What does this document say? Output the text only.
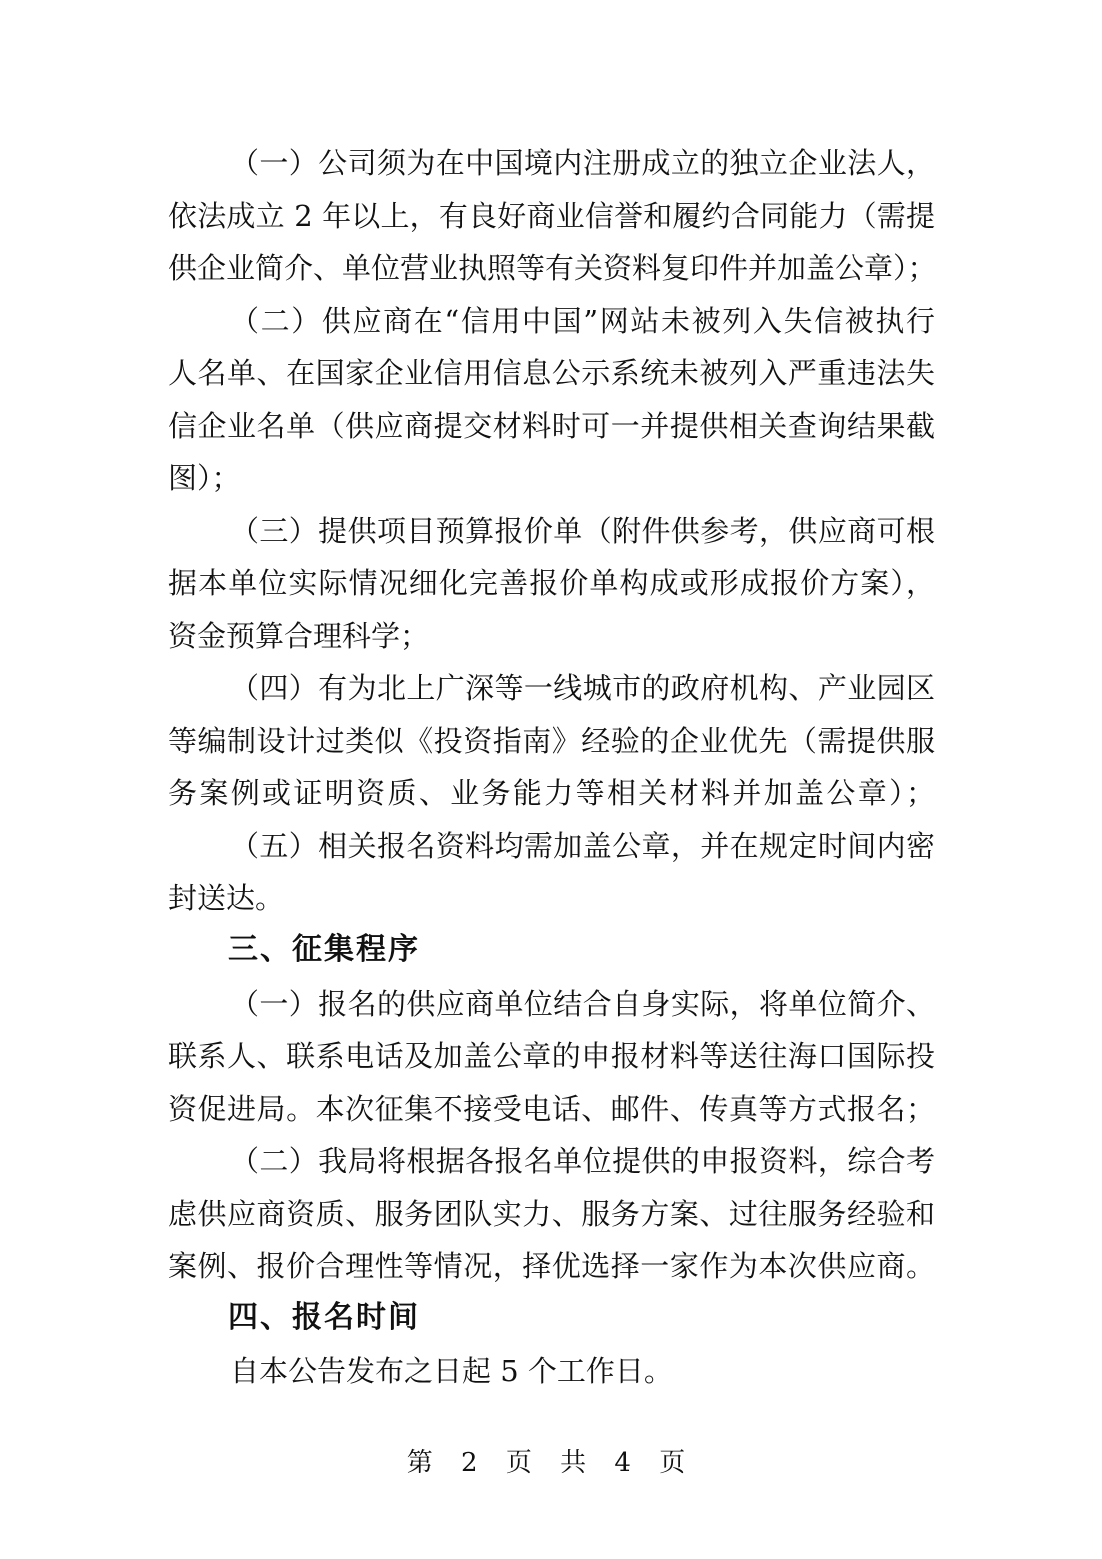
（一）公司须为在中国境内注册成立的独立企业法人，
依法成立 2 年以上，有良好商业信誉和履约合同能力（需提
供企业简介、单位营业执照等有关资料复印件并加盖公章）；
（二）供应商在“信用中国”网站未被列入失信被执行
人名单、在国家企业信用信息公示系统未被列入严重违法失
信企业名单（供应商提交材料时可一并提供相关查询结果截
图）；
（三）提供项目预算报价单（附件供参考，供应商可根
据本单位实际情况细化完善报价单构成或形成报价方案），
资金预算合理科学；
（四）有为北上广深等一线城市的政府机构、产业园区
等编制设计过类似《投资指南》经验的企业优先（需提供服
务案例或证明资质、业务能力等相关材料并加盖公章）；
（五）相关报名资料均需加盖公章，并在规定时间内密
封送达。
（一）报名的供应商单位结合自身实际，将单位简介、
联系人、联系电话及加盖公章的申报材料等送往海口国际投
资促进局。本次征集不接受电话、邮件、传真等方式报名；
（二）我局将根据各报名单位提供的申报资料，综合考
虑供应商资质、服务团队实力、服务方案、过往服务经验和
案例、报价合理性等情况，择优选择一家作为本次供应商。
自本公告发布之日起 5 个工作日。
三、征集程序
四、报名时间
第 2 页 共 4 页
